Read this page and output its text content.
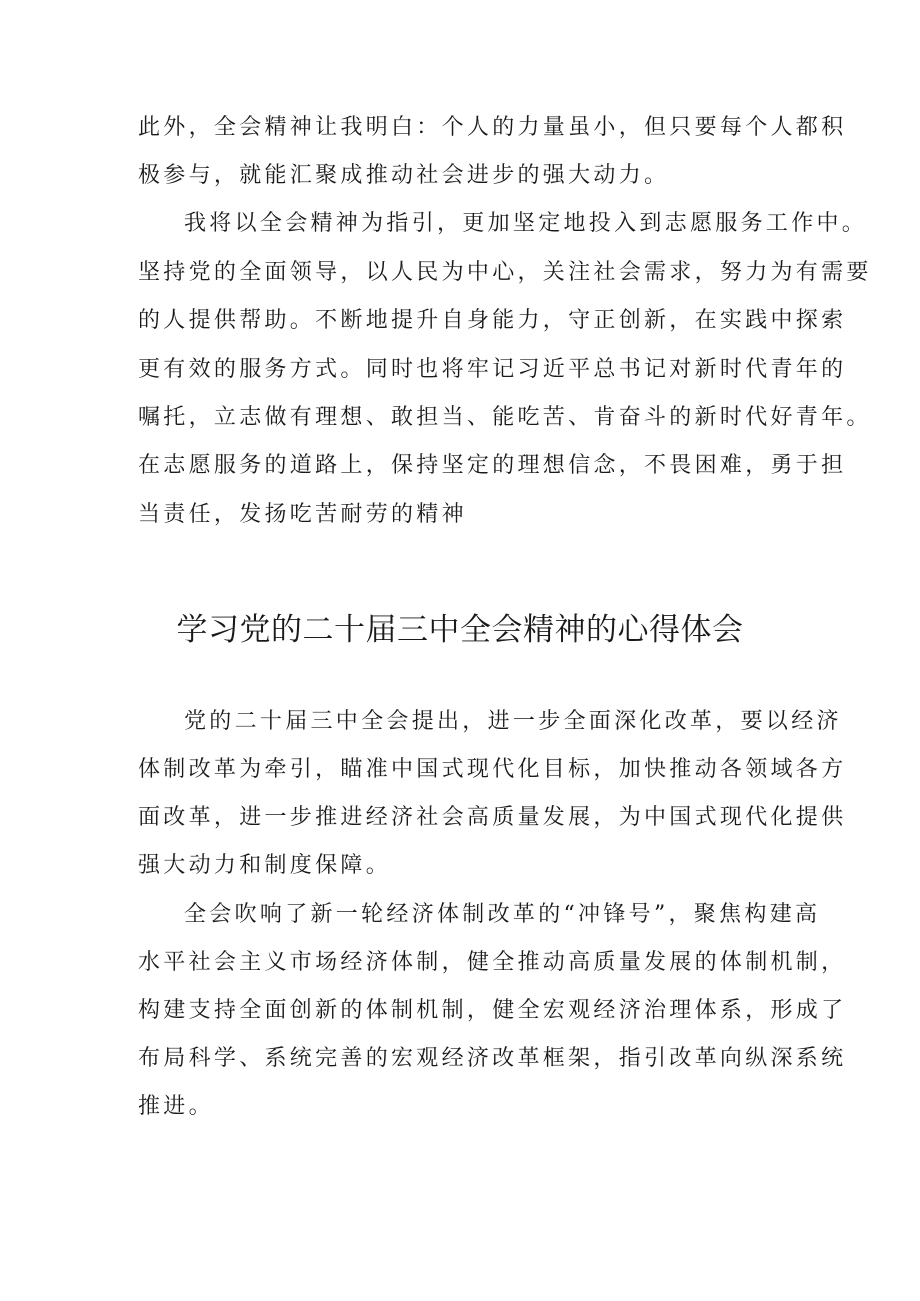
此外，全会精神让我明白：个人的力量虽小，但只要每个人都积
极参与，就能汇聚成推动社会进步的强大动力。
我将以全会精神为指引，更加坚定地投入到志愿服务工作中。
坚持党的全面领导，以人民为中心，关注社会需求，努力为有需要
的人提供帮助。不断地提升自身能力，守正创新，在实践中探索
更有效的服务方式。同时也将牢记习近平总书记对新时代青年的
嘱托，立志做有理想、敢担当、能吃苦、肯奋斗的新时代好青年。
在志愿服务的道路上，保持坚定的理想信念，不畏困难，勇于担
当责任，发扬吃苦耐劳的精神
学习党的二十届三中全会精神的心得体会
党的二十届三中全会提出，进一步全面深化改革，要以经济
体制改革为牵引，瞄准中国式现代化目标，加快推动各领域各方
面改革，进一步推进经济社会高质量发展，为中国式现代化提供
强大动力和制度保障。
全会吹响了新一轮经济体制改革的“冲锋号”，聚焦构建高
水平社会主义市场经济体制，健全推动高质量发展的体制机制，
构建支持全面创新的体制机制，健全宏观经济治理体系，形成了
布局科学、系统完善的宏观经济改革框架，指引改革向纵深系统
推进。
